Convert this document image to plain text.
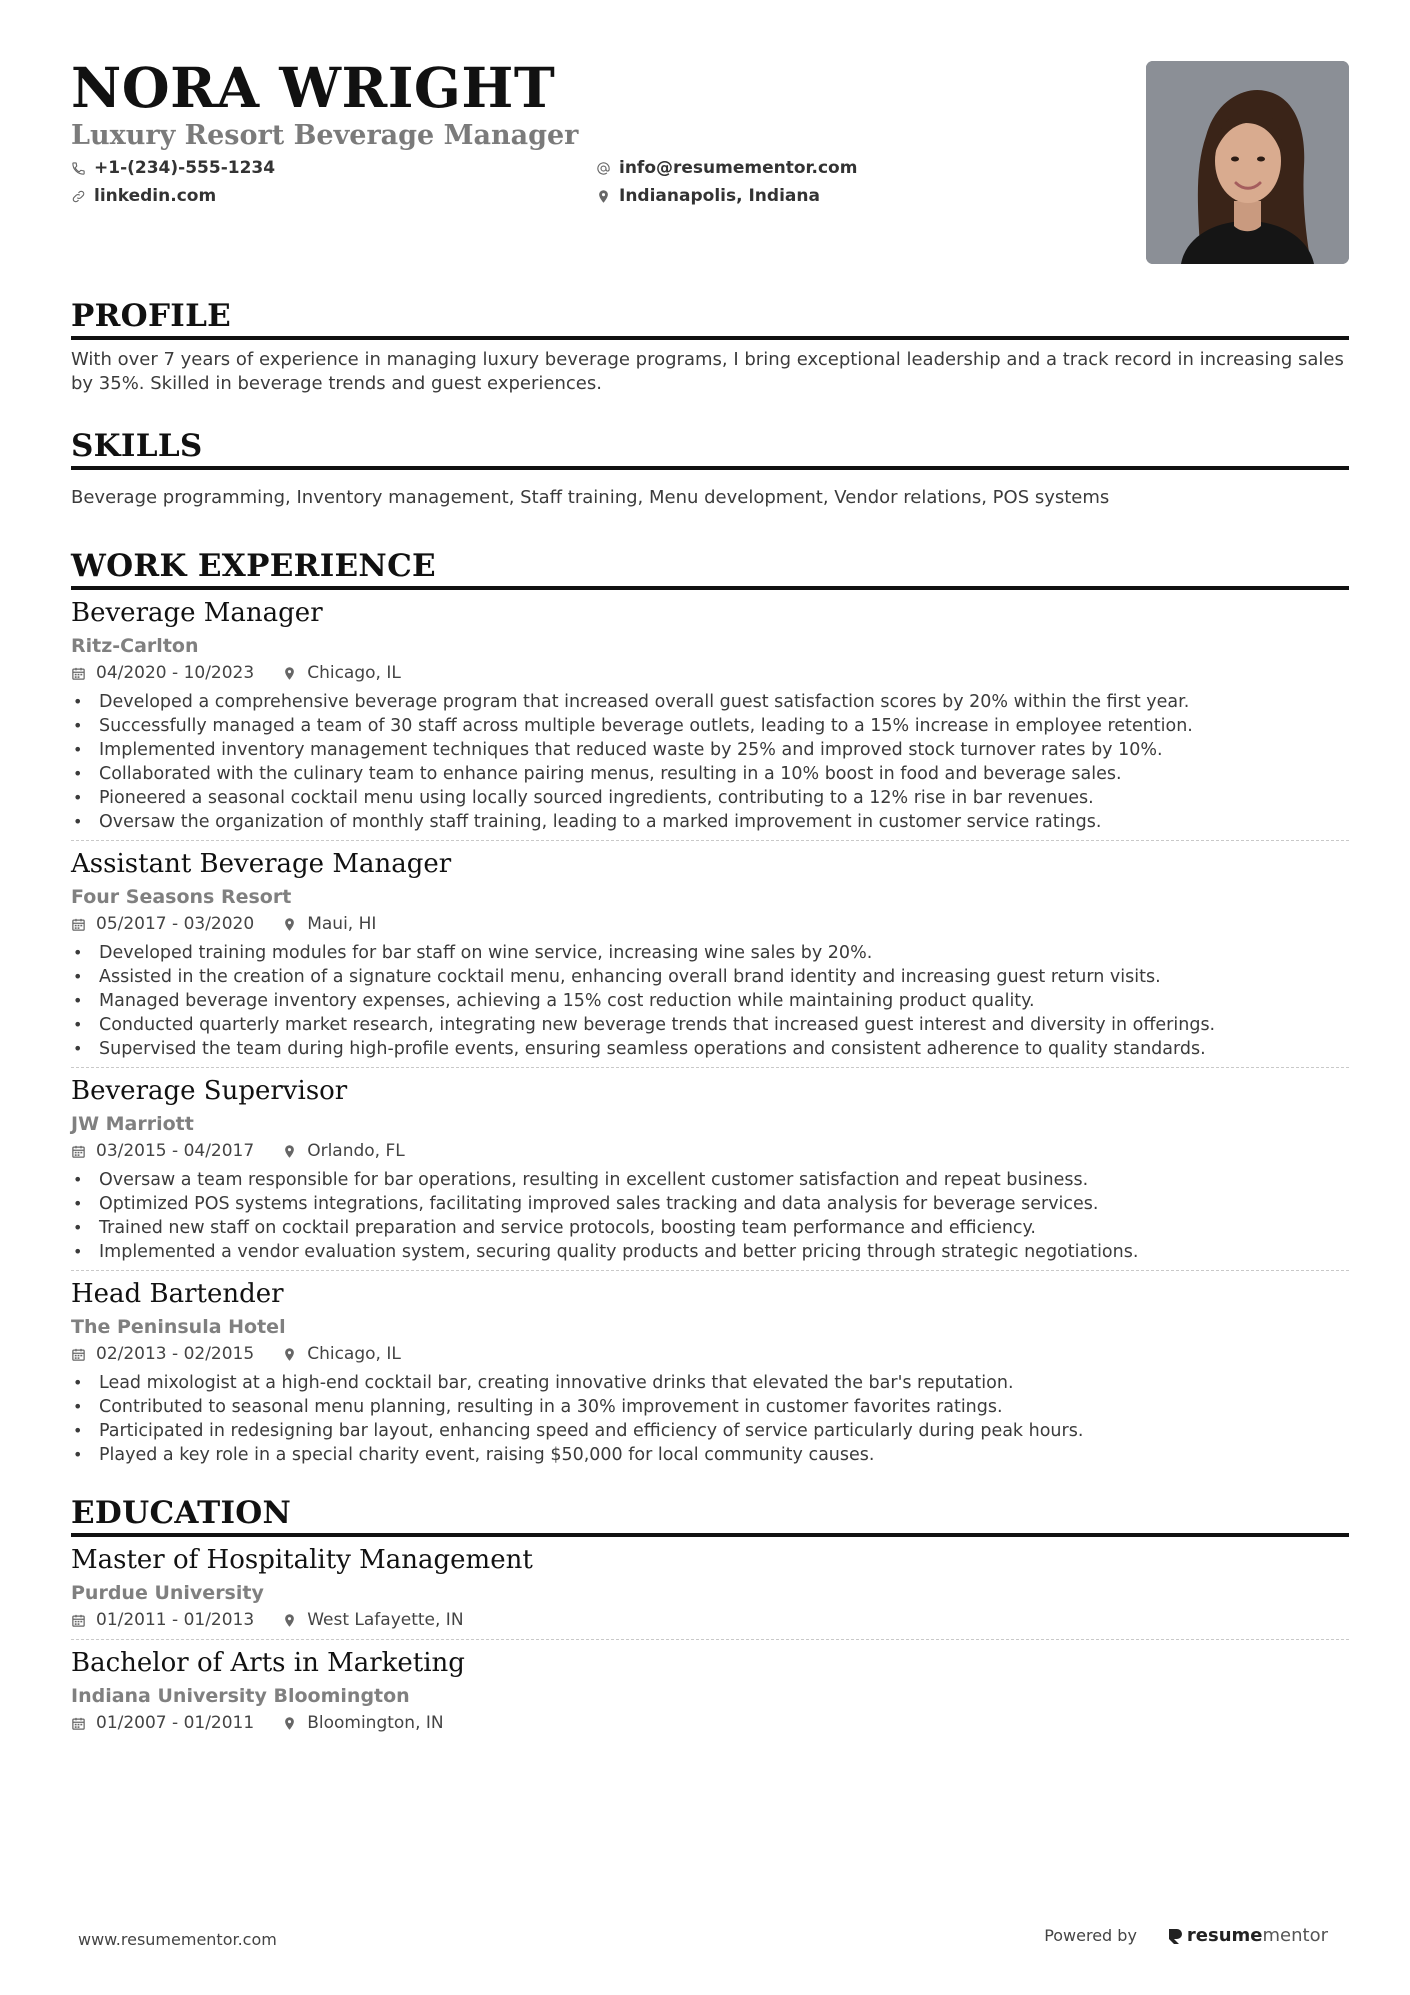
NORA WRIGHT
Luxury Resort Beverage Manager
+1-(234)-555-1234	info@resumementor.com
linkedin.com	Indianapolis, Indiana
PROFILE

With over 7 years of experience in managing luxury beverage programs, I bring exceptional leadership and a track record in increasing sales by 35%. Skilled in beverage trends and guest experiences.

SKILLS

Beverage programming, Inventory management, Staff training, Menu development, Vendor relations, POS systems

WORK EXPERIENCE
Beverage Manager
Ritz-Carlton
04/2020 - 10/2023	Chicago, IL
• Developed a comprehensive beverage program that increased overall guest satisfaction scores by 20% within the first year.
• Successfully managed a team of 30 staff across multiple beverage outlets, leading to a 15% increase in employee retention.
• Implemented inventory management techniques that reduced waste by 25% and improved stock turnover rates by 10%.
• Collaborated with the culinary team to enhance pairing menus, resulting in a 10% boost in food and beverage sales.
• Pioneered a seasonal cocktail menu using locally sourced ingredients, contributing to a 12% rise in bar revenues.
• Oversaw the organization of monthly staff training, leading to a marked improvement in customer service ratings.
Assistant Beverage Manager
Four Seasons Resort
05/2017 - 03/2020	Maui, HI
• Developed training modules for bar staff on wine service, increasing wine sales by 20%.
• Assisted in the creation of a signature cocktail menu, enhancing overall brand identity and increasing guest return visits.
• Managed beverage inventory expenses, achieving a 15% cost reduction while maintaining product quality.
• Conducted quarterly market research, integrating new beverage trends that increased guest interest and diversity in offerings.
• Supervised the team during high-profile events, ensuring seamless operations and consistent adherence to quality standards.
Beverage Supervisor
JW Marriott
03/2015 - 04/2017	Orlando, FL
• Oversaw a team responsible for bar operations, resulting in excellent customer satisfaction and repeat business.
• Optimized POS systems integrations, facilitating improved sales tracking and data analysis for beverage services.
• Trained new staff on cocktail preparation and service protocols, boosting team performance and efficiency.
• Implemented a vendor evaluation system, securing quality products and better pricing through strategic negotiations.
Head Bartender
The Peninsula Hotel
02/2013 - 02/2015	Chicago, IL
• Lead mixologist at a high-end cocktail bar, creating innovative drinks that elevated the bar's reputation.
• Contributed to seasonal menu planning, resulting in a 30% improvement in customer favorites ratings.
• Participated in redesigning bar layout, enhancing speed and efficiency of service particularly during peak hours.
• Played a key role in a special charity event, raising $50,000 for local community causes.
EDUCATION
Master of Hospitality Management
Purdue University
01/2011 - 01/2013	West Lafayette, IN
Bachelor of Arts in Marketing
Indiana University Bloomington
01/2007 - 01/2011	Bloomington, IN
www.resumementor.com	Powered by	resume mentor
